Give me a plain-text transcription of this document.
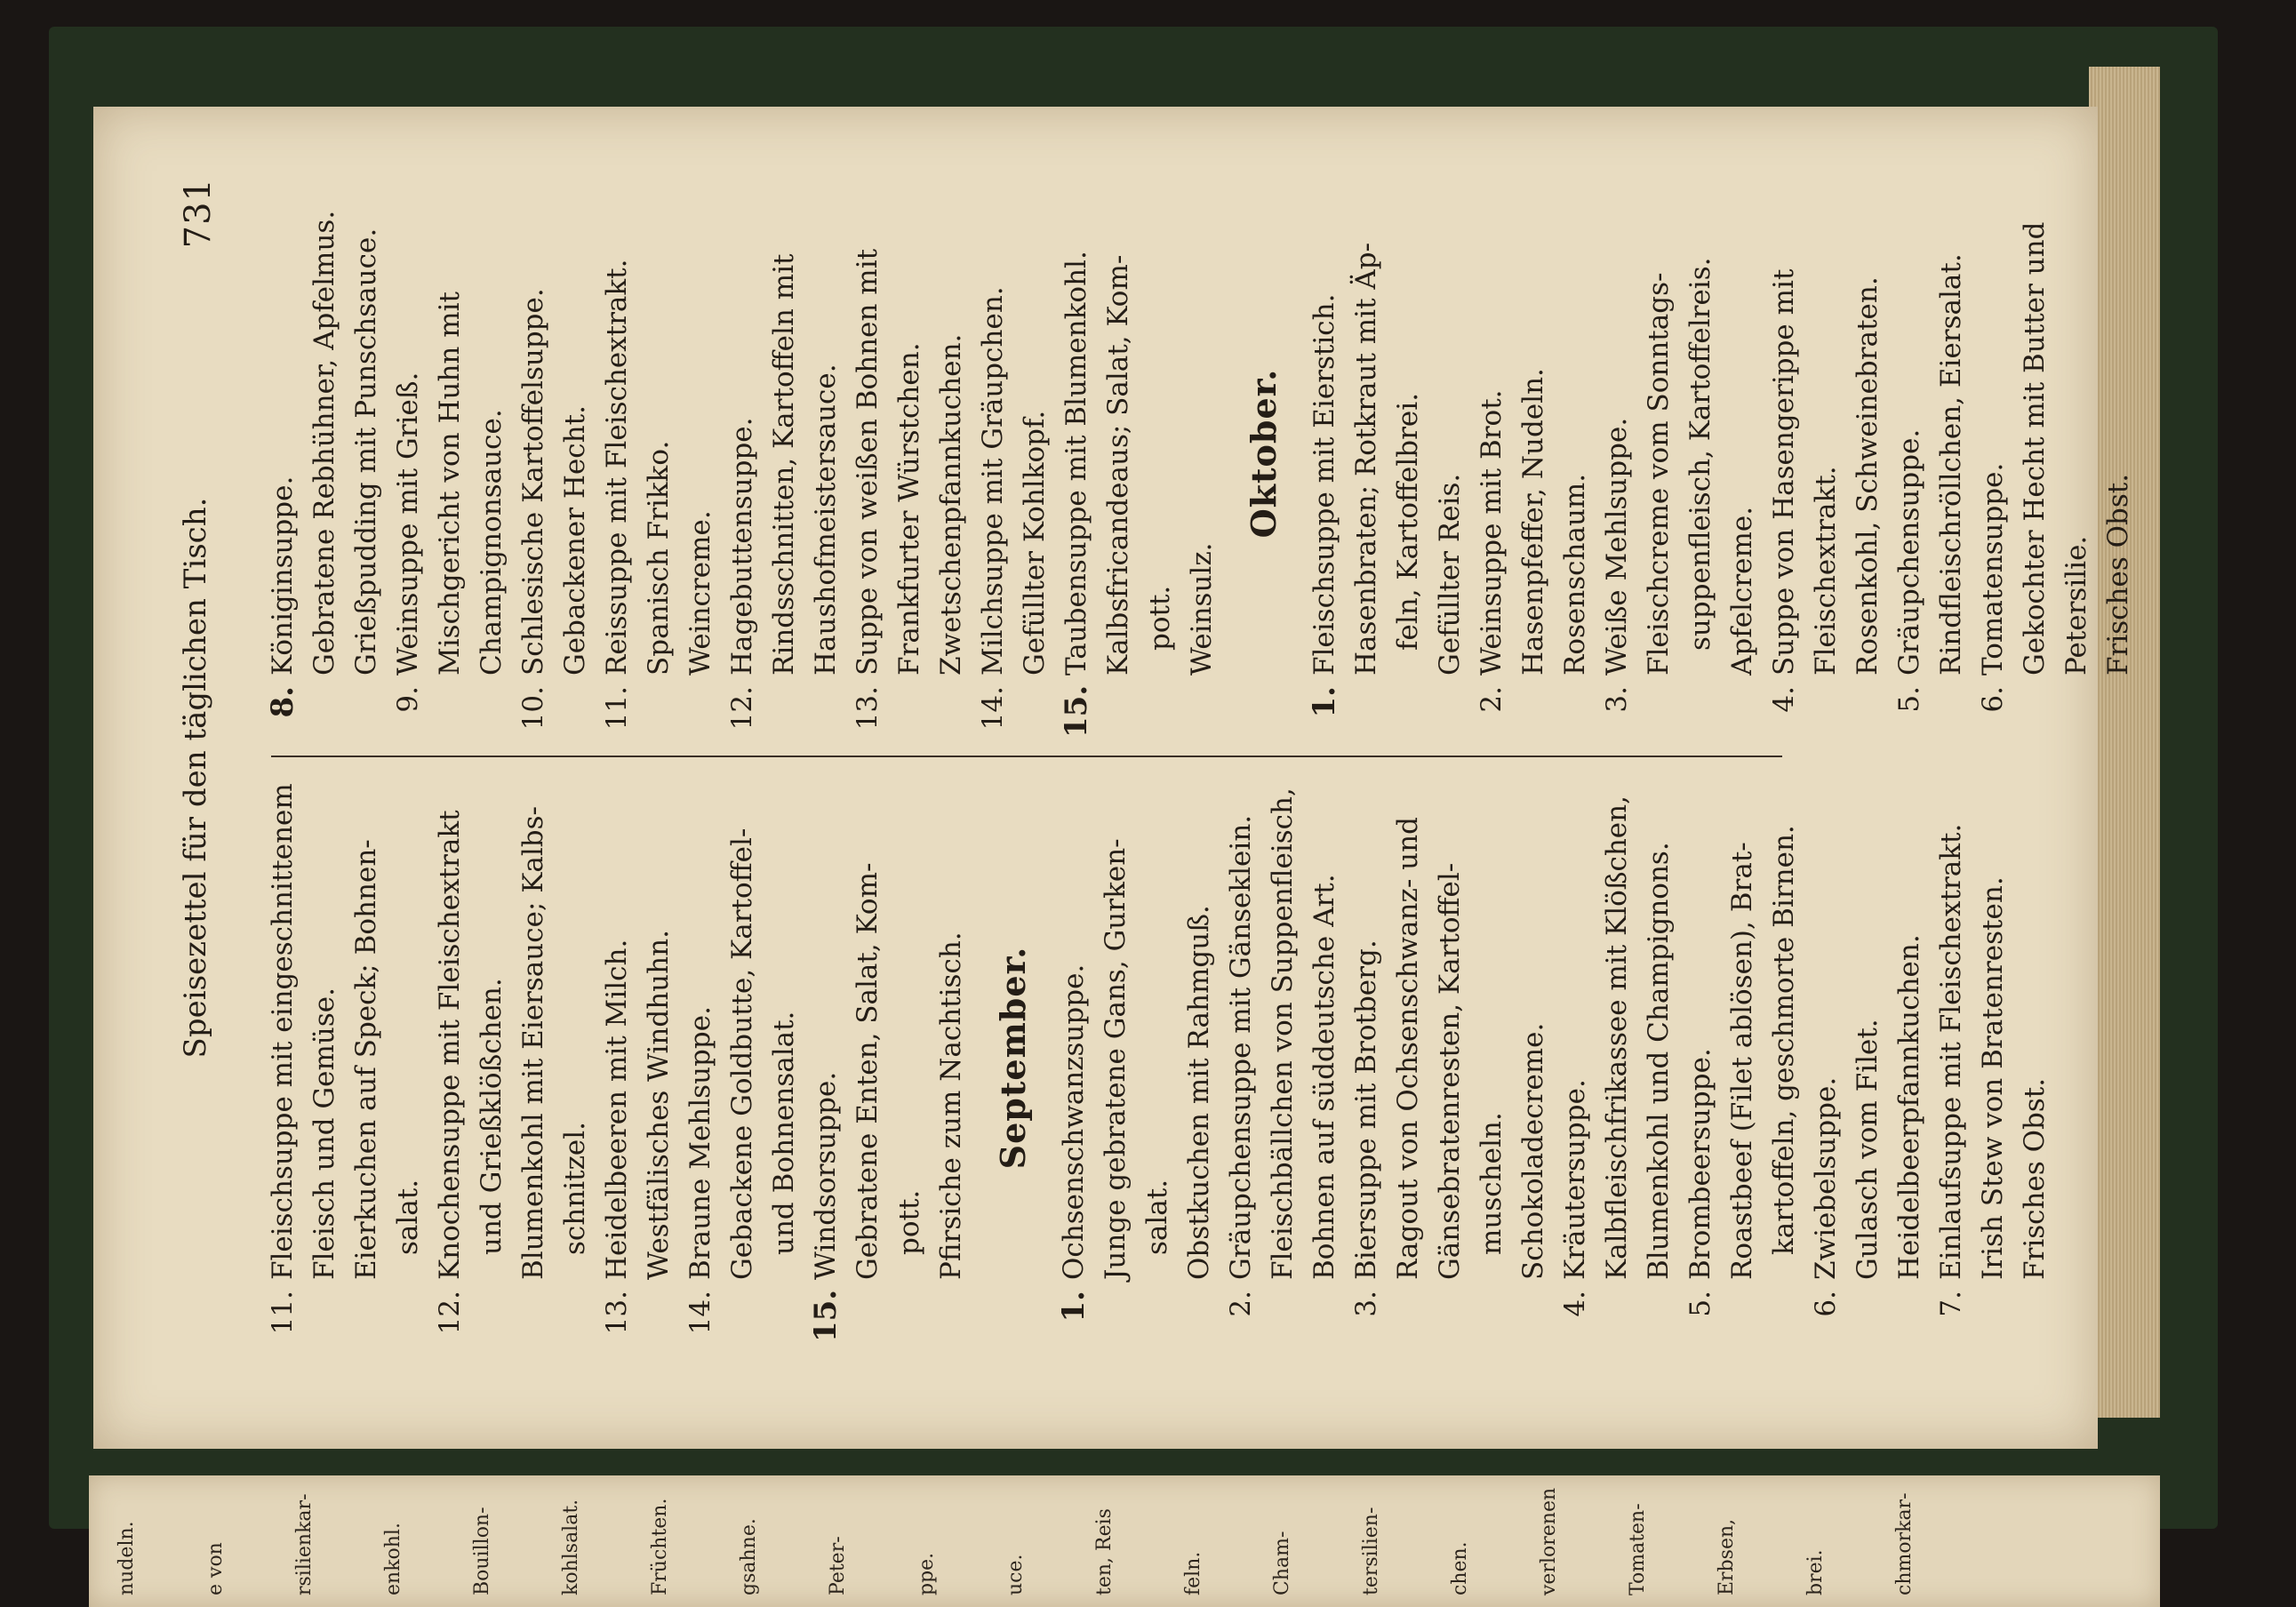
Speisezettel für den täglichen Tisch.
731
11.
Fleischsuppe mit eingeschnittenem Fleisch und Gemüse. Eierkuchen auf Speck; Bohnen- salat.
12.
Knochensuppe mit Fleischextrakt und Grießklößchen. Blumenkohl mit Eiersauce; Kalbs- schnitzel.
13.
Heidelbeeren mit Milch. Westfälisches Windhuhn.
14.
Braune Mehlsuppe. Gebackene Goldbutte, Kartoffel- und Bohnensalat.
15.
Windsorsuppe. Gebratene Enten, Salat, Kom- pott. Pfirsiche zum Nachtisch. September.
1.
Ochsenschwanzsuppe. Junge gebratene Gans, Gurken- salat. Obstkuchen mit Rahmguß.
2.
Gräupchensuppe mit Gänseklein. Fleischbällchen von Suppenfleisch, Bohnen auf süddeutsche Art.
3.
Biersuppe mit Brotberg. Ragout von Ochsenschwanz- und Gänsebratenresten, Kartoffel- muscheln. Schokoladecreme.
4.
Kräutersuppe. Kalbfleischfrikassee mit Klößchen, Blumenkohl und Champignons.
5.
Brombeersuppe. Roastbeef (Filet ablösen), Brat- kartoffeln, geschmorte Birnen.
6.
Zwiebelsuppe. Gulasch vom Filet. Heidelbeerpfannkuchen.
7.
Einlaufsuppe mit Fleischextrakt. Irish Stew von Bratenresten. Frisches Obst.
8.
Königinsuppe. Gebratene Rebhühner, Apfelmus. Grießpudding mit Punschsauce.
9.
Weinsuppe mit Grieß. Mischgericht von Huhn mit Champignonsauce.
10.
Schlesische Kartoffelsuppe. Gebackener Hecht.
11.
Reissuppe mit Fleischextrakt. Spanisch Frikko. Weincreme.
12.
Hagebuttensuppe. Rindsschnitten, Kartoffeln mit Haushofmeistersauce.
13.
Suppe von weißen Bohnen mit Frankfurter Würstchen. Zwetschenpfannkuchen.
14.
Milchsuppe mit Gräupchen. Gefüllter Kohlkopf.
15.
Taubensuppe mit Blumenkohl. Kalbsfricandeaus; Salat, Kom- pott. Weinsulz.
Oktober.
1.
Fleischsuppe mit Eierstich. Hasenbraten; Rotkraut mit Äp- feln, Kartoffelbrei. Gefüllter Reis.
2.
Weinsuppe mit Brot. Hasenpfeffer, Nudeln. Rosenschaum.
3.
Weiße Mehlsuppe. Fleischcreme vom Sonntags- suppenfleisch, Kartoffelreis. Apfelcreme.
4.
Suppe von Hasengerippe mit Fleischextrakt. Rosenkohl, Schweinebraten.
5.
Gräupchensuppe. Rindfleischröllchen, Eiersalat.
6.
Tomatensuppe. Gekochter Hecht mit Butter und Petersilie. Frisches Obst.
nudeln.	e von	rsilienkar-	enkohl.	Bouillon-	kohlsalat.	Früchten.	gsahne.	Peter-	ppe.	uce.	ten, Reis	feln.	Cham-	tersilien-	chen.	verlorenen	Tomaten-	Erbsen,	brei.	chmorkar-
